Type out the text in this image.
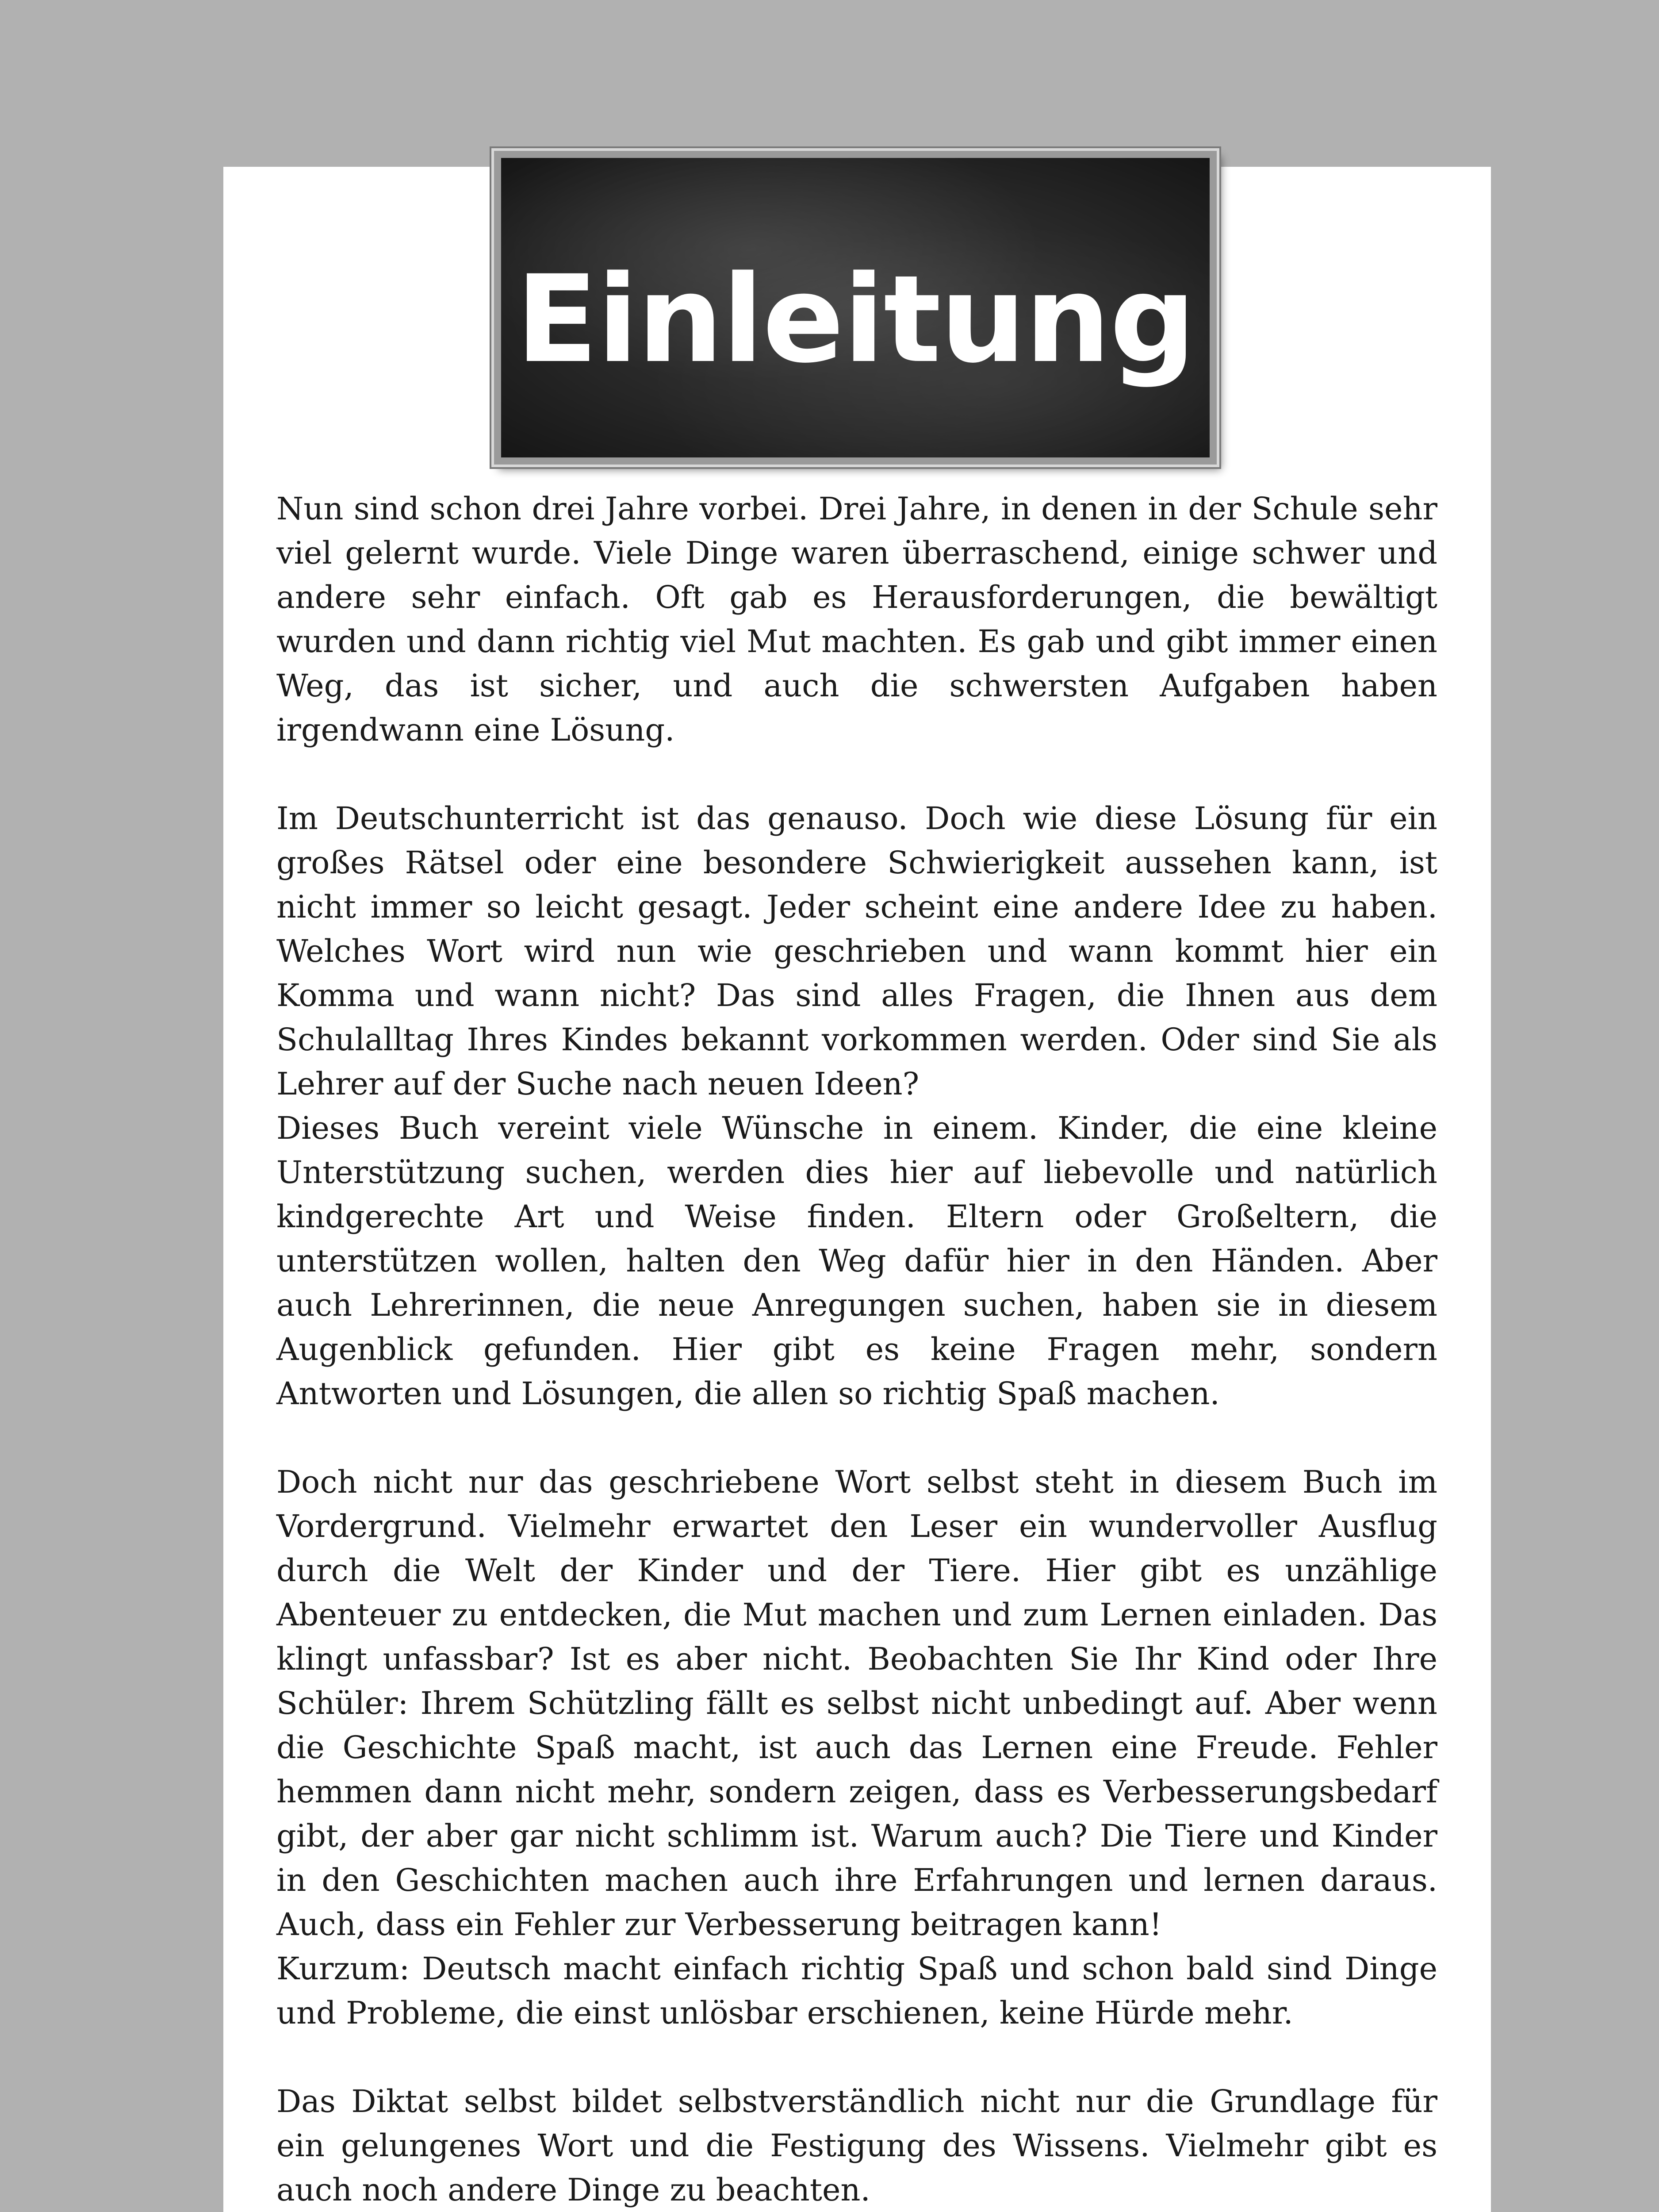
Einleitung

Nun sind schon drei Jahre vorbei. Drei Jahre, in denen in der Schule sehr viel gelernt wurde. Viele Dinge waren überraschend, einige schwer und andere sehr einfach. Oft gab es Herausforderungen, die bewältigt wurden und dann richtig viel Mut machten. Es gab und gibt immer einen Weg, das ist sicher, und auch die schwersten Aufgaben haben irgendwann eine Lösung.

Im Deutschunterricht ist das genauso. Doch wie diese Lösung für ein großes Rätsel oder eine besondere Schwierigkeit aussehen kann, ist nicht immer so leicht gesagt. Jeder scheint eine andere Idee zu haben. Welches Wort wird nun wie geschrieben und wann kommt hier ein Komma und wann nicht? Das sind alles Fragen, die Ihnen aus dem Schulalltag Ihres Kindes bekannt vorkommen werden. Oder sind Sie als Lehrer auf der Suche nach neuen Ideen?

Dieses Buch vereint viele Wünsche in einem. Kinder, die eine kleine Unterstützung suchen, werden dies hier auf liebevolle und natürlich kindgerechte Art und Weise finden. Eltern oder Großeltern, die unterstützen wollen, halten den Weg dafür hier in den Händen. Aber auch Lehrerinnen, die neue Anregungen suchen, haben sie in diesem Augenblick gefunden. Hier gibt es keine Fragen mehr, sondern Antworten und Lösungen, die allen so richtig Spaß machen.

Doch nicht nur das geschriebene Wort selbst steht in diesem Buch im Vordergrund. Vielmehr erwartet den Leser ein wundervoller Ausflug durch die Welt der Kinder und der Tiere. Hier gibt es unzählige Abenteuer zu entdecken, die Mut machen und zum Lernen einladen. Das klingt unfassbar? Ist es aber nicht. Beobachten Sie Ihr Kind oder Ihre Schüler: Ihrem Schützling fällt es selbst nicht unbedingt auf. Aber wenn die Geschichte Spaß macht, ist auch das Lernen eine Freude. Fehler hemmen dann nicht mehr, sondern zeigen, dass es Verbesserungsbedarf gibt, der aber gar nicht schlimm ist. Warum auch? Die Tiere und Kinder in den Geschichten machen auch ihre Erfahrungen und lernen daraus. Auch, dass ein Fehler zur Verbesserung beitragen kann!

Kurzum: Deutsch macht einfach richtig Spaß und schon bald sind Dinge und Probleme, die einst unlösbar erschienen, keine Hürde mehr.

Das Diktat selbst bildet selbstverständlich nicht nur die Grundlage für ein gelungenes Wort und die Festigung des Wissens. Vielmehr gibt es auch noch andere Dinge zu beachten.
